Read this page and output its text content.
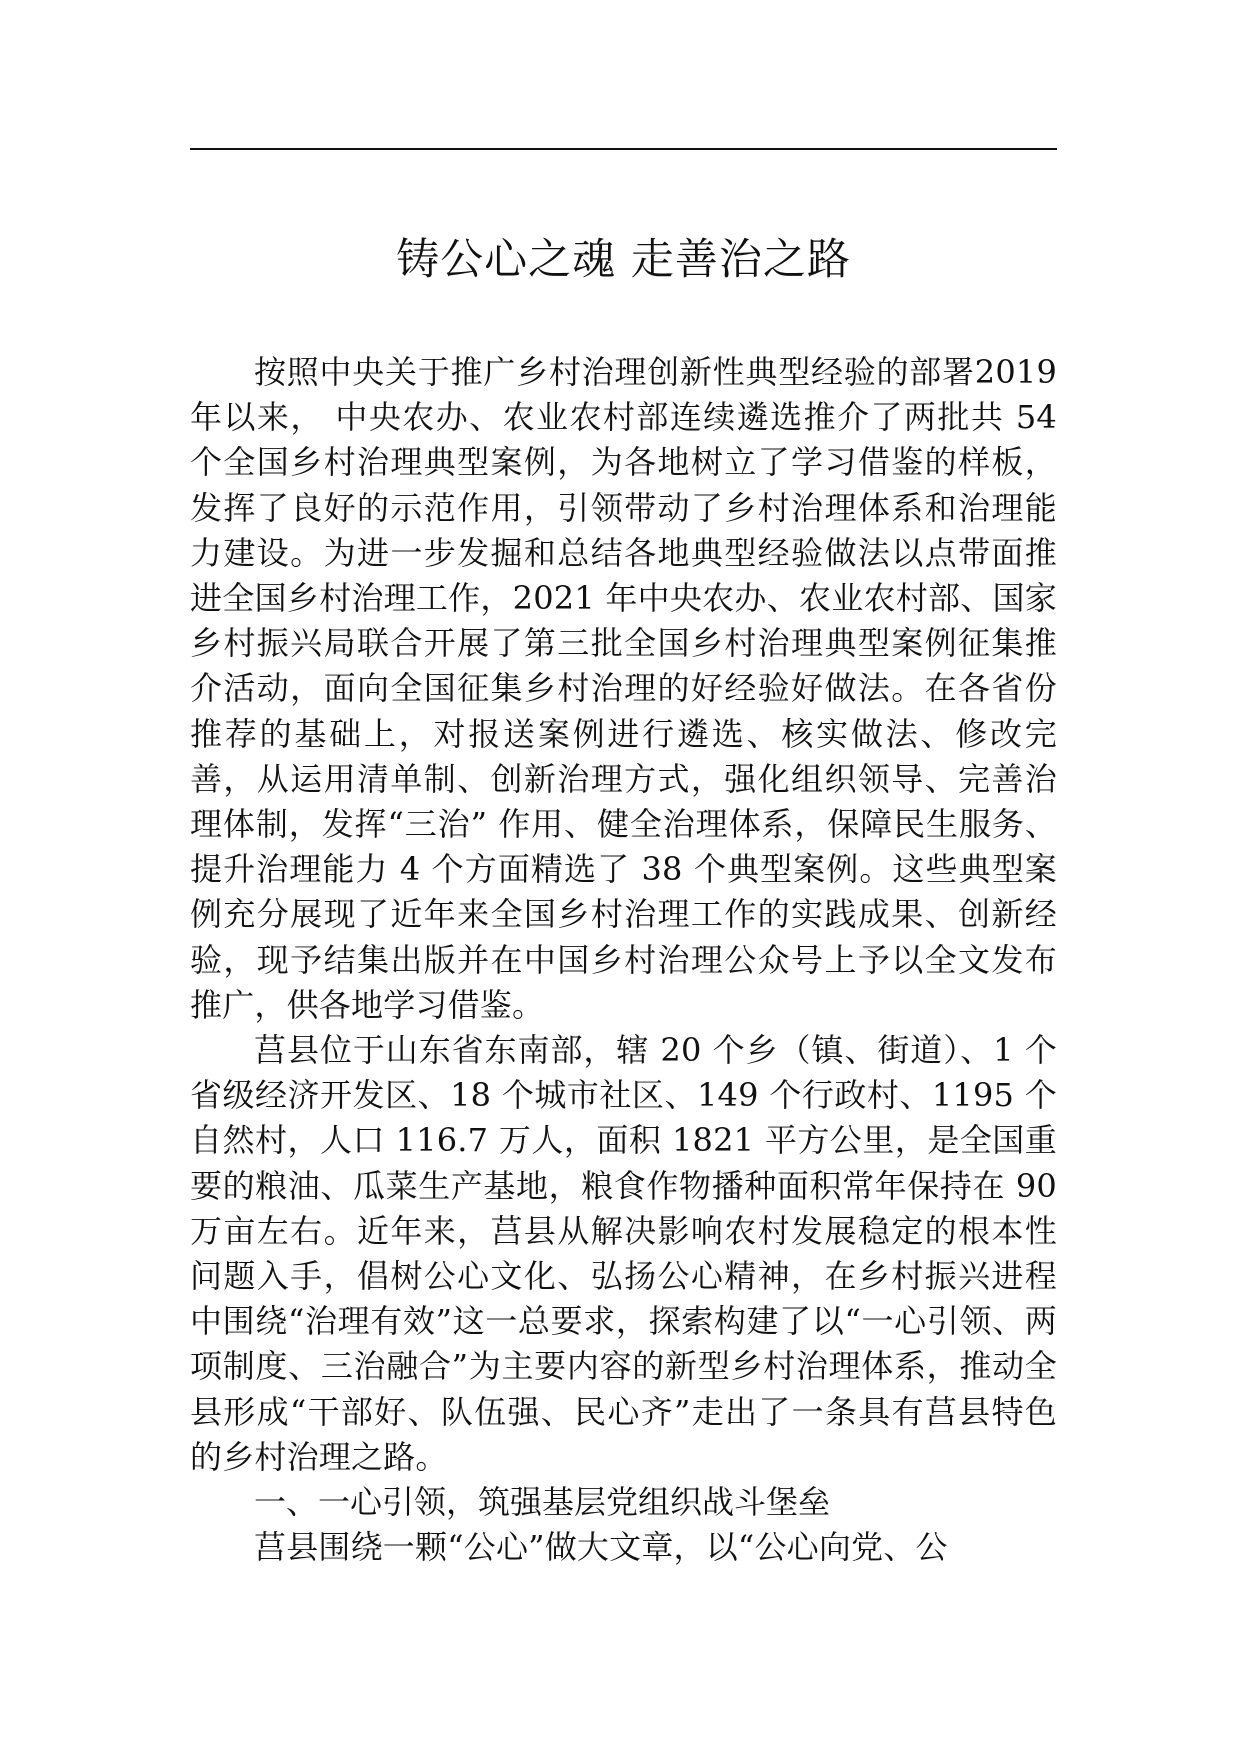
铸公心之魂 走善治之路

按照中央关于推广乡村治理创新性典型经验的部署2019 年以来， 中央农办、农业农村部连续遴选推介了两批共 54 个全国乡村治理典型案例，为各地树立了学习借鉴的样板，发挥了良好的示范作用，引领带动了乡村治理体系和治理能力建设。为进一步发掘和总结各地典型经验做法以点带面推进全国乡村治理工作，2021 年中央农办、农业农村部、国家乡村振兴局联合开展了第三批全国乡村治理典型案例征集推介活动，面向全国征集乡村治理的好经验好做法。在各省份推荐的基础上，对报送案例进行遴选、核实做法、修改完善，从运用清单制、创新治理方式，强化组织领导、完善治理体制，发挥“三治” 作用、健全治理体系，保障民生服务、提升治理能力 4 个方面精选了 38 个典型案例。这些典型案例充分展现了近年来全国乡村治理工作的实践成果、创新经验，现予结集出版并在中国乡村治理公众号上予以全文发布推广，供各地学习借鉴。

莒县位于山东省东南部，辖 20 个乡（镇、街道）、1 个省级经济开发区、18 个城市社区、149 个行政村、1195 个自然村，人口 116.7 万人，面积 1821 平方公里，是全国重要的粮油、瓜菜生产基地，粮食作物播种面积常年保持在 90 万亩左右。近年来，莒县从解决影响农村发展稳定的根本性问题入手，倡树公心文化、弘扬公心精神，在乡村振兴进程中围绕“治理有效”这一总要求，探索构建了以“一心引领、两项制度、三治融合”为主要内容的新型乡村治理体系，推动全县形成“干部好、队伍强、民心齐”走出了一条具有莒县特色的乡村治理之路。

一、一心引领，筑强基层党组织战斗堡垒

莒县围绕一颗“公心”做大文章，以“公心向党、公
